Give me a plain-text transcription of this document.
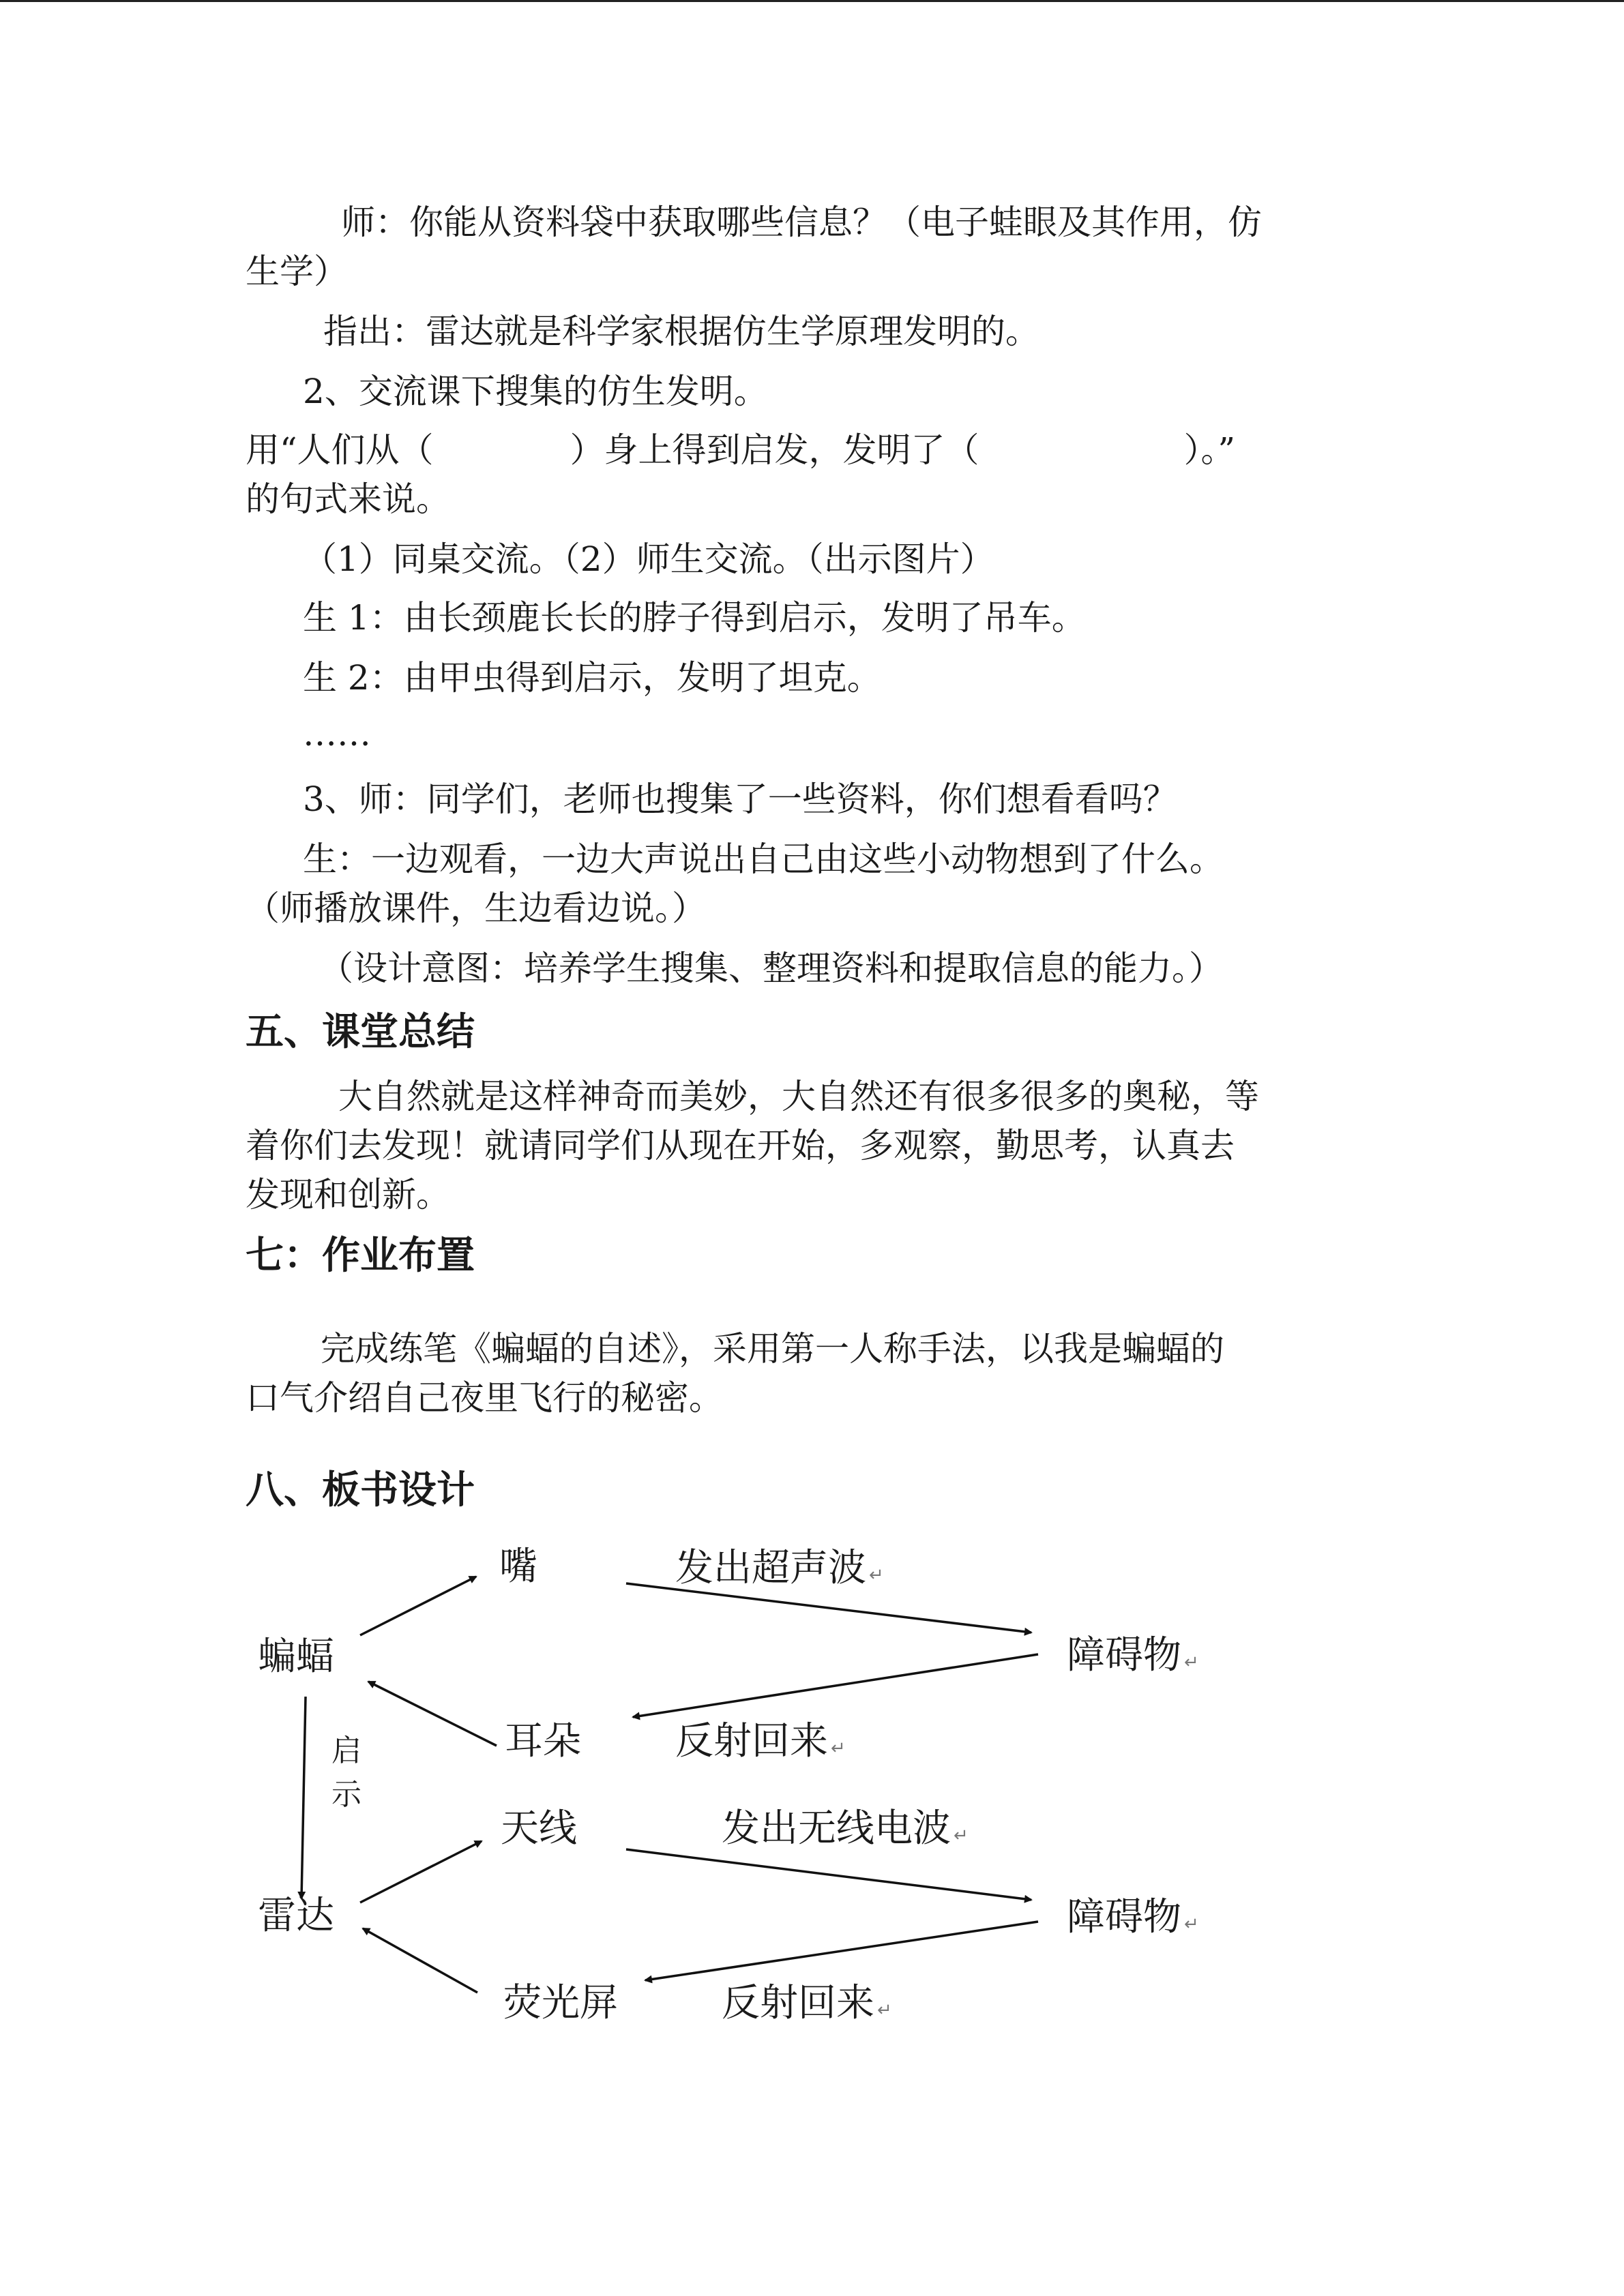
师：你能从资料袋中获取哪些信息？（电子蛙眼及其作用，仿
生学）
指出：雷达就是科学家根据仿生学原理发明的。
2、交流课下搜集的仿生发明。
用“人们从（	）身上得到启发，发明了（	）。”
的句式来说。
（1）同桌交流。（2）师生交流。（出示图片）
生 1：由长颈鹿长长的脖子得到启示，发明了吊车。
生 2：由甲虫得到启示，发明了坦克。
……
3、师：同学们，老师也搜集了一些资料，你们想看看吗？
生：一边观看，一边大声说出自己由这些小动物想到了什么。
（师播放课件，生边看边说。）
（设计意图：培养学生搜集、整理资料和提取信息的能力。）
五、课堂总结
大自然就是这样神奇而美妙，大自然还有很多很多的奥秘，等
着你们去发现！就请同学们从现在开始，多观察，勤思考，认真去
发现和创新。
七：作业布置
完成练笔《蝙蝠的自述》，采用第一人称手法，以我是蝙蝠的
口气介绍自己夜里飞行的秘密。
八、板书设计
蝙蝠
嘴	发出超声波 ↵
障碍物 ↵
耳朵 反射回来 ↵
启
示
雷达
天线	发出无线电波 ↵
障碍物 ↵
荧光屏	反射回来 ↵
